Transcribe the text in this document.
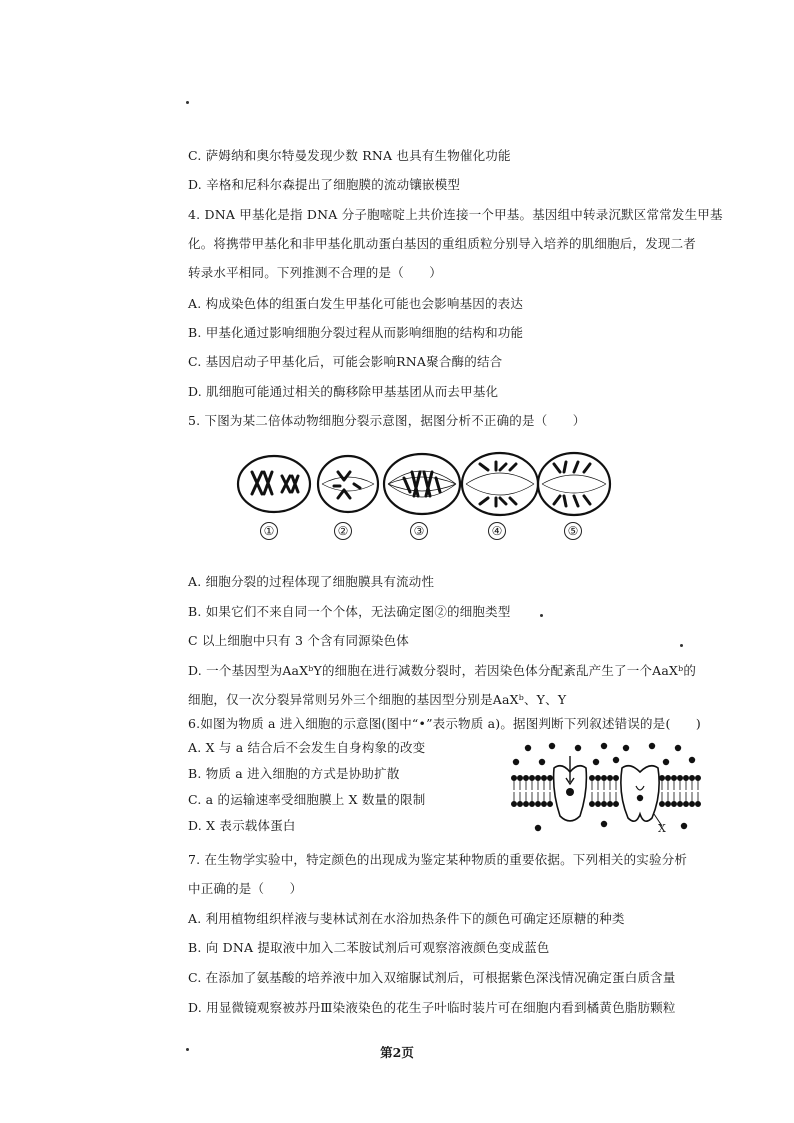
C. 萨姆纳和奥尔特曼发现少数 RNA 也具有生物催化功能
D. 辛格和尼科尔森提出了细胞膜的流动镶嵌模型
4. DNA 甲基化是指 DNA 分子胞嘧啶上共价连接一个甲基。基因组中转录沉默区常常发生甲基
化。将携带甲基化和非甲基化肌动蛋白基因的重组质粒分别导入培养的肌细胞后，发现二者
转录水平相同。下列推测不合理的是（　　）
A. 构成染色体的组蛋白发生甲基化可能也会影响基因的表达
B. 甲基化通过影响细胞分裂过程从而影响细胞的结构和功能
C. 基因启动子甲基化后，可能会影响RNA聚合酶的结合
D. 肌细胞可能通过相关的酶移除甲基基团从而去甲基化
5. 下图为某二倍体动物细胞分裂示意图，据图分析不正确的是（　　）
①	②	③	④	⑤
A. 细胞分裂的过程体现了细胞膜具有流动性
B. 如果它们不来自同一个个体，无法确定图②的细胞类型
C 以上细胞中只有 3 个含有同源染色体
D. 一个基因型为AaXᵇY的细胞在进行减数分裂时，若因染色体分配紊乱产生了一个AaXᵇ的
细胞，仅一次分裂异常则另外三个细胞的基因型分别是AaXᵇ、Y、Y
6.如图为物质 a 进入细胞的示意图(图中“•”表示物质 a)。据图判断下列叙述错误的是(　　)
A. X 与 a 结合后不会发生自身构象的改变
B. 物质 a 进入细胞的方式是协助扩散
C. a 的运输速率受细胞膜上 X 数量的限制
D. X 表示载体蛋白	X
7. 在生物学实验中，特定颜色的出现成为鉴定某种物质的重要依据。下列相关的实验分析
中正确的是（　　）
A. 利用植物组织样液与斐林试剂在水浴加热条件下的颜色可确定还原糖的种类
B. 向 DNA 提取液中加入二苯胺试剂后可观察溶液颜色变成蓝色
C. 在添加了氨基酸的培养液中加入双缩脲试剂后，可根据紫色深浅情况确定蛋白质含量
D. 用显微镜观察被苏丹Ⅲ染液染色的花生子叶临时装片可在细胞内看到橘黄色脂肪颗粒
第2页
